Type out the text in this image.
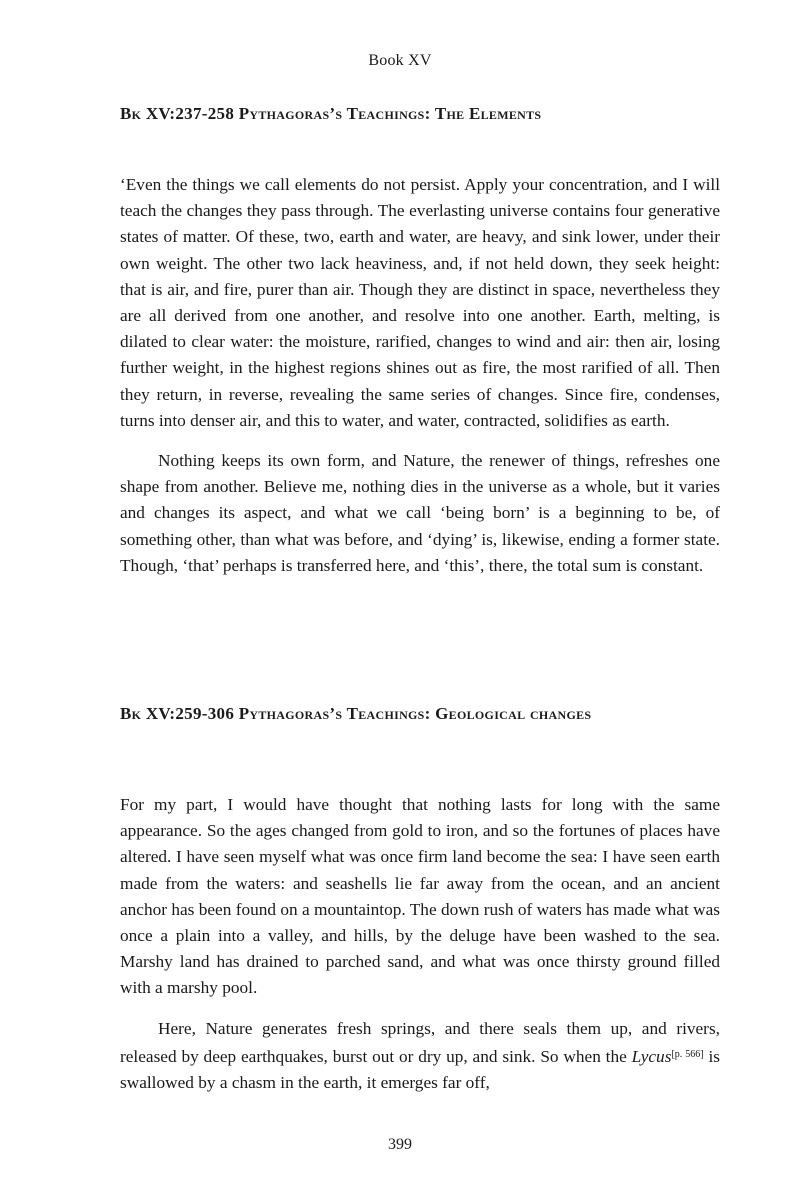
Book XV
Bk XV:237-258 Pythagoras’s Teachings: The Elements

‘Even the things we call elements do not persist. Apply your concentration, and I will teach the changes they pass through. The everlasting universe contains four generative states of matter. Of these, two, earth and water, are heavy, and sink lower, under their own weight. The other two lack heaviness, and, if not held down, they seek height: that is air, and fire, purer than air. Though they are distinct in space, nevertheless they are all derived from one another, and resolve into one another. Earth, melting, is dilated to clear water: the moisture, rarified, changes to wind and air: then air, losing further weight, in the highest regions shines out as fire, the most rarified of all. Then they return, in reverse, revealing the same series of changes. Since fire, condenses, turns into denser air, and this to water, and water, contracted, solidifies as earth.

Nothing keeps its own form, and Nature, the renewer of things, refreshes one shape from another. Believe me, nothing dies in the universe as a whole, but it varies and changes its aspect, and what we call ‘being born’ is a beginning to be, of something other, than what was before, and ‘dying’ is, likewise, ending a former state. Though, ‘that’ perhaps is transferred here, and ‘this’, there, the total sum is constant.

Bk XV:259-306 Pythagoras’s Teachings: Geological changes

For my part, I would have thought that nothing lasts for long with the same appearance. So the ages changed from gold to iron, and so the fortunes of places have altered. I have seen myself what was once firm land become the sea: I have seen earth made from the waters: and seashells lie far away from the ocean, and an ancient anchor has been found on a mountaintop. The down rush of waters has made what was once a plain into a valley, and hills, by the deluge have been washed to the sea. Marshy land has drained to parched sand, and what was once thirsty ground filled with a marshy pool.

Here, Nature generates fresh springs, and there seals them up, and rivers, released by deep earthquakes, burst out or dry up, and sink. So when the Lycus[p. 566] is swallowed by a chasm in the earth, it emerges far off,

399
